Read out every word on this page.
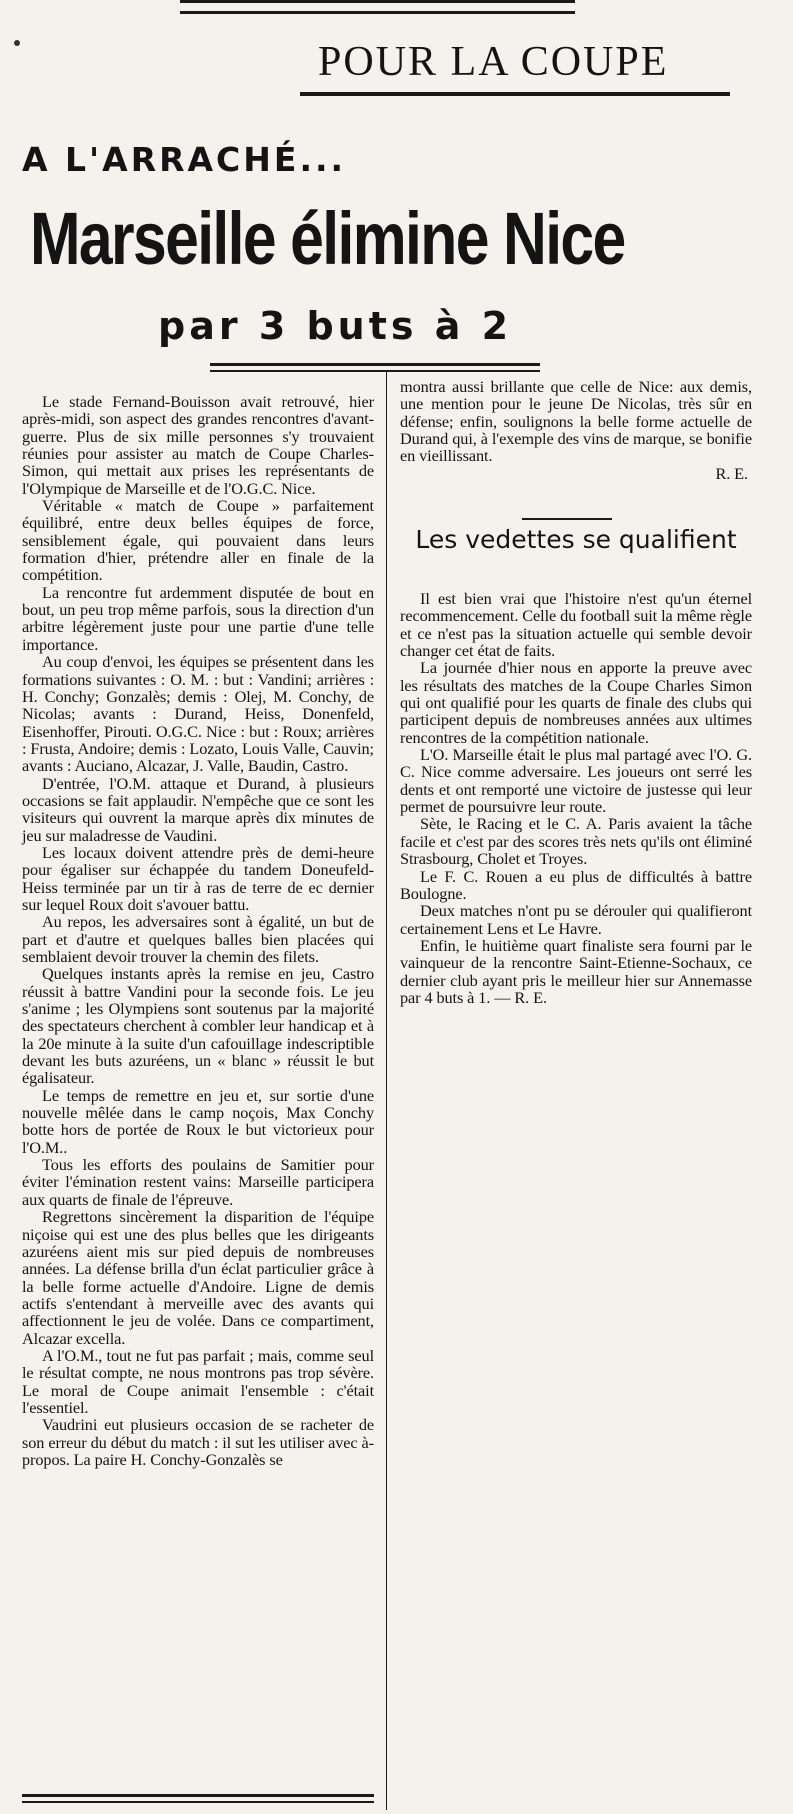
POUR LA COUPE
A L'ARRACHÉ...
Marseille élimine Nice
par 3 buts à 2

Le stade Fernand-Bouisson avait retrouvé, hier après-midi, son aspect des grandes rencontres d'avant-guerre. Plus de six mille personnes s'y trouvaient réunies pour assister au match de Coupe Charles-Simon, qui mettait aux prises les représentants de l'Olympique de Marseille et de l'O.G.C. Nice.

Véritable « match de Coupe » parfaitement équilibré, entre deux belles équipes de force, sensiblement égale, qui pouvaient dans leurs formation d'hier, prétendre aller en finale de la compétition.

La rencontre fut ardemment disputée de bout en bout, un peu trop même parfois, sous la direction d'un arbitre légèrement juste pour une partie d'une telle importance.

Au coup d'envoi, les équipes se présentent dans les formations suivantes : O. M. : but : Vandini; arrières : H. Conchy; Gonzalès; demis : Olej, M. Conchy, de Nicolas; avants : Durand, Heiss, Donenfeld, Eisenhoffer, Pirouti. O.G.C. Nice : but : Roux; arrières : Frusta, Andoire; demis : Lozato, Louis Valle, Cauvin; avants : Auciano, Alcazar, J. Valle, Baudin, Castro.

D'entrée, l'O.M. attaque et Durand, à plusieurs occasions se fait applaudir. N'empêche que ce sont les visiteurs qui ouvrent la marque après dix minutes de jeu sur maladresse de Vaudini.

Les locaux doivent attendre près de demi-heure pour égaliser sur échappée du tandem Doneufeld-Heiss terminée par un tir à ras de terre de ec dernier sur lequel Roux doit s'avouer battu.

Au repos, les adversaires sont à égalité, un but de part et d'autre et quelques balles bien placées qui semblaient devoir trouver la chemin des filets.

Quelques instants après la remise en jeu, Castro réussit à battre Vandini pour la seconde fois. Le jeu s'anime ; les Olympiens sont soutenus par la majorité des spectateurs cherchent à combler leur handicap et à la 20e minute à la suite d'un cafouillage indescriptible devant les buts azuréens, un « blanc » réussit le but égalisateur.

Le temps de remettre en jeu et, sur sortie d'une nouvelle mêlée dans le camp noçois, Max Conchy botte hors de portée de Roux le but victorieux pour l'O.M..

Tous les efforts des poulains de Samitier pour éviter l'émination restent vains: Marseille participera aux quarts de finale de l'épreuve.

Regrettons sincèrement la disparition de l'équipe niçoise qui est une des plus belles que les dirigeants azuréens aient mis sur pied depuis de nombreuses années. La défense brilla d'un éclat particulier grâce à la belle forme actuelle d'Andoire. Ligne de demis actifs s'entendant à merveille avec des avants qui affectionnent le jeu de volée. Dans ce compartiment, Alcazar excella.

A l'O.M., tout ne fut pas parfait ; mais, comme seul le résultat compte, ne nous montrons pas trop sévère. Le moral de Coupe animait l'ensemble : c'était l'essentiel.

Vaudrini eut plusieurs occasion de se racheter de son erreur du début du match : il sut les utiliser avec à-propos. La paire H. Conchy-Gonzalès se

montra aussi brillante que celle de Nice: aux demis, une mention pour le jeune De Nicolas, très sûr en défense; enfin, soulignons la belle forme actuelle de Durand qui, à l'exemple des vins de marque, se bonifie en vieillissant.

R. E.
Les vedettes se qualifient

Il est bien vrai que l'histoire n'est qu'un éternel recommencement. Celle du football suit la même règle et ce n'est pas la situation actuelle qui semble devoir changer cet état de faits.

La journée d'hier nous en apporte la preuve avec les résultats des matches de la Coupe Charles Simon qui ont qualifié pour les quarts de finale des clubs qui participent depuis de nombreuses années aux ultimes rencontres de la compétition nationale.

L'O. Marseille était le plus mal partagé avec l'O. G. C. Nice comme adversaire. Les joueurs ont serré les dents et ont remporté une victoire de justesse qui leur permet de poursuivre leur route.

Sète, le Racing et le C. A. Paris avaient la tâche facile et c'est par des scores très nets qu'ils ont éliminé Strasbourg, Cholet et Troyes.

Le F. C. Rouen a eu plus de difficultés à battre Boulogne.

Deux matches n'ont pu se dérouler qui qualifieront certainement Lens et Le Havre.

Enfin, le huitième quart finaliste sera fourni par le vainqueur de la rencontre Saint-Etienne-Sochaux, ce dernier club ayant pris le meilleur hier sur Annemasse par 4 buts à 1. — R. E.
